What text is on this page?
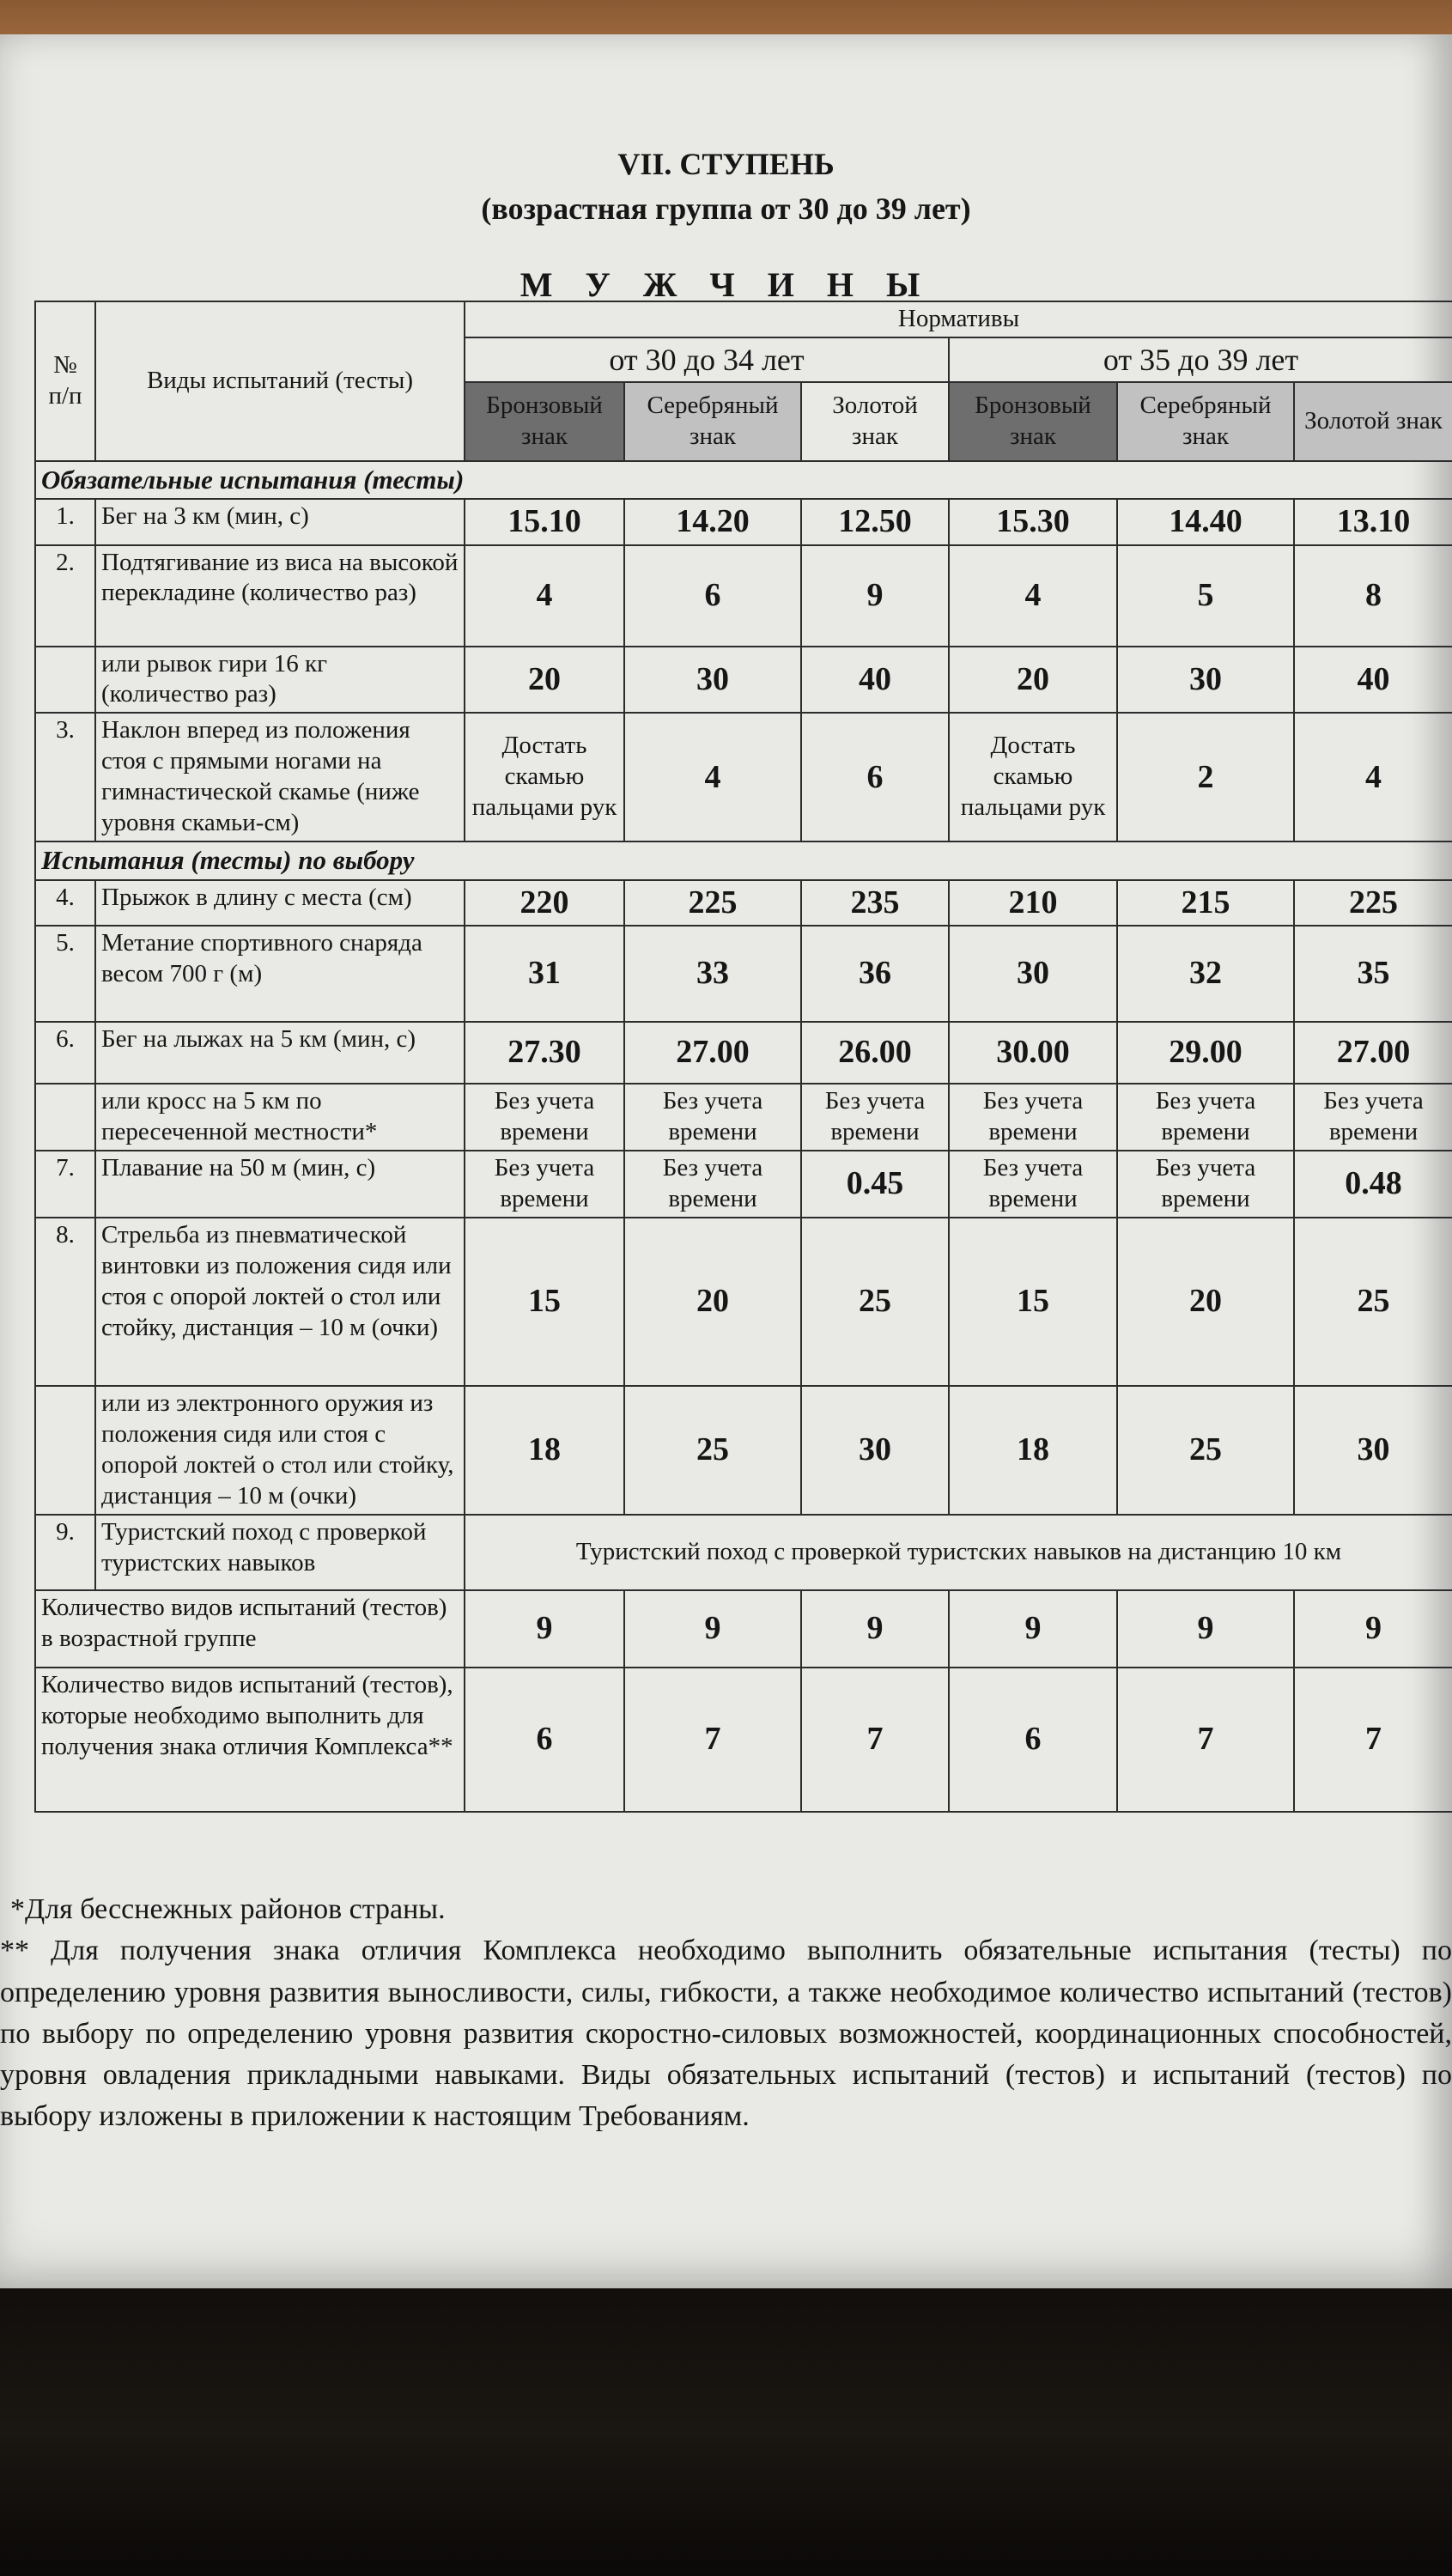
VII. СТУПЕНЬ
(возрастная группа от 30 до 39 лет)
М У Ж Ч И Н Ы
№ п/п	Виды испытаний (тесты)	Нормативы					
		от 30 до 34 лет			от 35 до 39 лет		
		Бронзовый знак	Серебряный знак	Золотой знак	Бронзовый знак	Серебряный знак	Золотой знак
Обязательные испытания (тесты)							
1.	Бег на 3 км (мин, с)	15.10	14.20	12.50	15.30	14.40	13.10
2.	Подтягивание из виса на высокой перекладине (количество раз)	4	6	9	4	5	8
	или рывок гири 16 кг (количество раз)	20	30	40	20	30	40
3.	Наклон вперед из положения стоя с прямыми ногами на гимнастической скамье (ниже уровня скамьи-см)	Достать скамью пальцами рук	4	6	Достать скамью пальцами рук	2	4
Испытания (тесты) по выбору							
4.	Прыжок в длину с места (см)	220	225	235	210	215	225
5.	Метание спортивного снаряда весом 700 г (м)	31	33	36	30	32	35
6.	Бег на лыжах на 5 км (мин, с)	27.30	27.00	26.00	30.00	29.00	27.00
	или кросс на 5 км по пересеченной местности*	Без учета времени	Без учета времени	Без учета времени	Без учета времени	Без учета времени	Без учета времени
7.	Плавание на 50 м (мин, с)	Без учета времени	Без учета времени	0.45	Без учета времени	Без учета времени	0.48
8.	Стрельба из пневматической винтовки из положения сидя или стоя с опорой локтей о стол или стойку, дистанция – 10 м (очки)	15	20	25	15	20	25
	или из электронного оружия из положения сидя или стоя с опорой локтей о стол или стойку, дистанция – 10 м (очки)	18	25	30	18	25	30
9.	Туристский поход с проверкой туристских навыков	Туристский поход с проверкой туристских навыков на дистанцию 10 км					
Количество видов испытаний (тестов) в возрастной группе		9	9	9	9	9	9
Количество видов испытаний (тестов), которые необходимо выполнить для получения знака отличия Комплекса**		6	7	7	6	7	7

*Для бесснежных районов страны.

** Для получения знака отличия Комплекса необходимо выполнить обязательные испытания (тесты) по определению уровня развития выносливости, силы, гибкости, а также необходимое количество испытаний (тестов) по выбору по определению уровня развития скоростно-силовых возможностей, координационных способностей, уровня овладения прикладными навыками. Виды обязательных испытаний (тестов) и испытаний (тестов) по выбору изложены в приложении к настоящим Требованиям.
